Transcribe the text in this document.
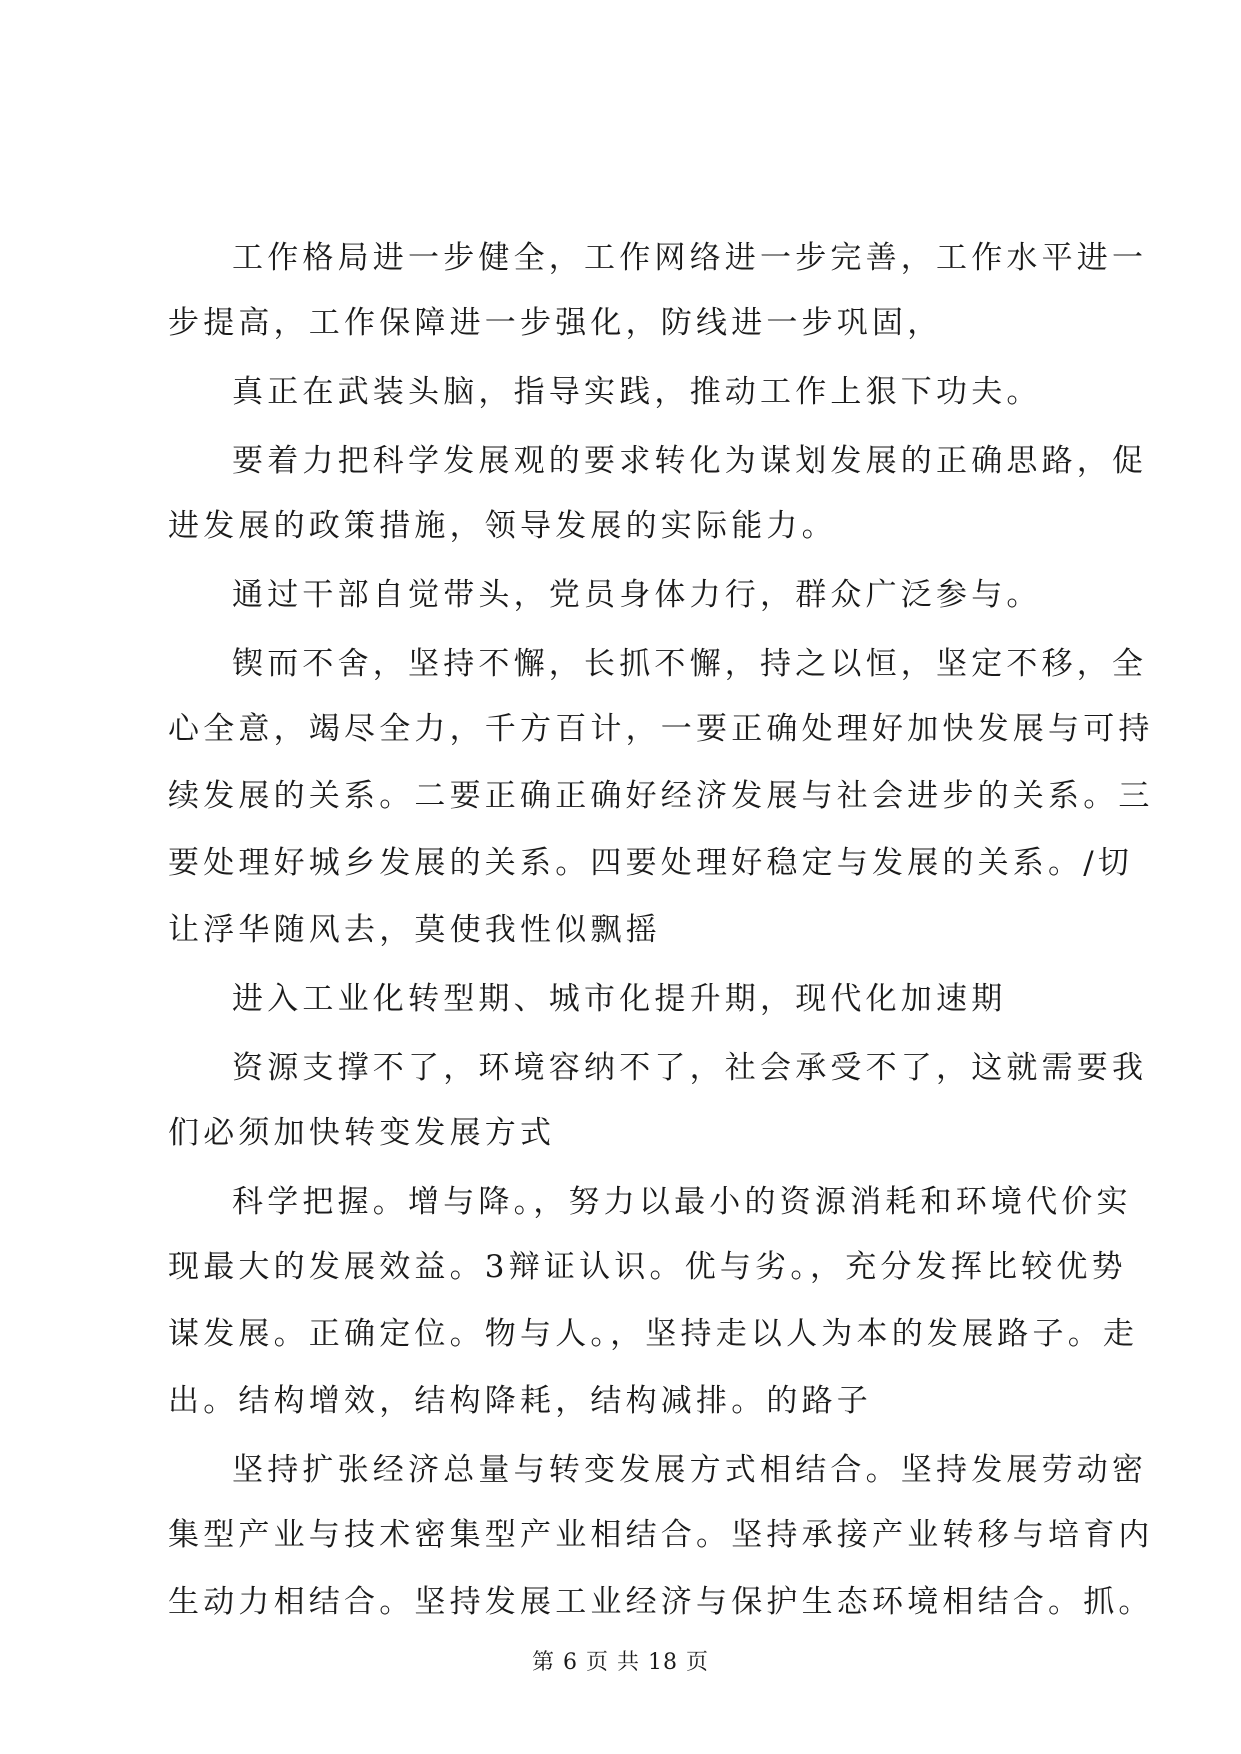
工作格局进一步健全，工作网络进一步完善，工作水平进一

步提高，工作保障进一步强化，防线进一步巩固，

真正在武装头脑，指导实践，推动工作上狠下功夫。

要着力把科学发展观的要求转化为谋划发展的正确思路，促

进发展的政策措施，领导发展的实际能力。

通过干部自觉带头，党员身体力行，群众广泛参与。

锲而不舍，坚持不懈，长抓不懈，持之以恒，坚定不移，全

心全意，竭尽全力，千方百计，一要正确处理好加快发展与可持

续发展的关系。二要正确正确好经济发展与社会进步的关系。三

要处理好城乡发展的关系。四要处理好稳定与发展的关系。/切

让浮华随风去，莫使我性似飘摇

进入工业化转型期、城市化提升期，现代化加速期

资源支撑不了，环境容纳不了，社会承受不了，这就需要我

们必须加快转变发展方式

科学把握。增与降。，努力以最小的资源消耗和环境代价实

现最大的发展效益。3辩证认识。优与劣。，充分发挥比较优势

谋发展。正确定位。物与人。，坚持走以人为本的发展路子。走

出。结构增效，结构降耗，结构减排。的路子

坚持扩张经济总量与转变发展方式相结合。坚持发展劳动密

集型产业与技术密集型产业相结合。坚持承接产业转移与培育内

生动力相结合。坚持发展工业经济与保护生态环境相结合。抓。

第 6 页 共 18 页
